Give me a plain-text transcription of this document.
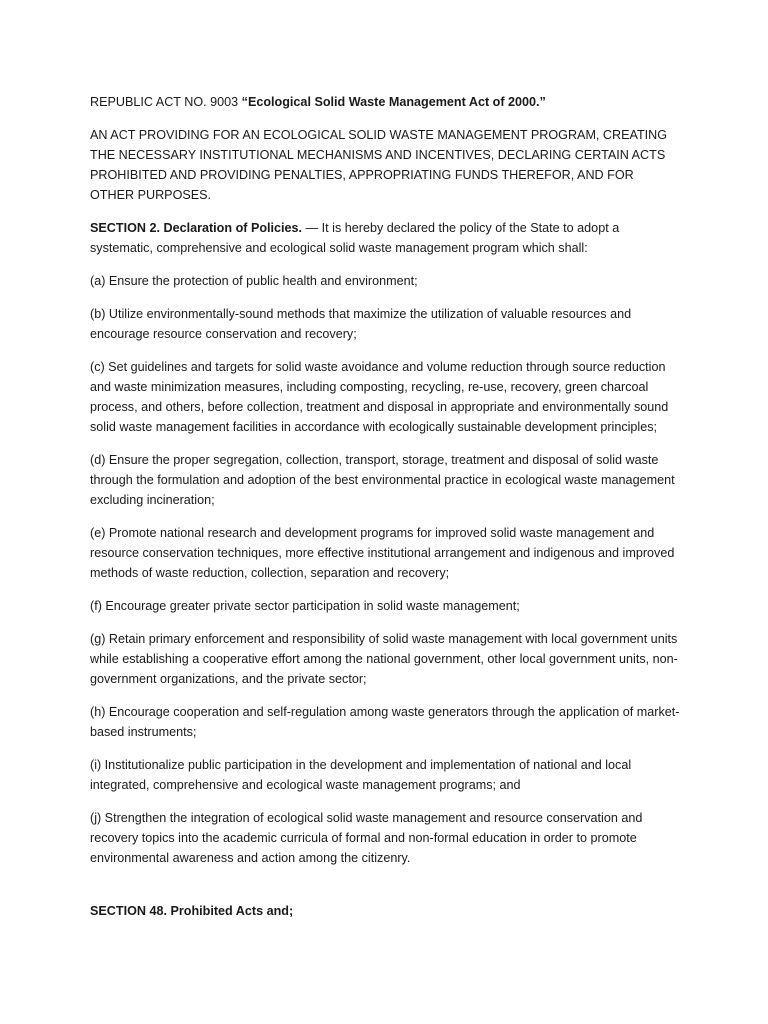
REPUBLIC ACT NO. 9003 “Ecological Solid Waste Management Act of 2000.”

AN ACT PROVIDING FOR AN ECOLOGICAL SOLID WASTE MANAGEMENT PROGRAM, CREATING THE NECESSARY INSTITUTIONAL MECHANISMS AND INCENTIVES, DECLARING CERTAIN ACTS PROHIBITED AND PROVIDING PENALTIES, APPROPRIATING FUNDS THEREFOR, AND FOR OTHER PURPOSES.

SECTION 2. Declaration of Policies. — It is hereby declared the policy of the State to adopt a systematic, comprehensive and ecological solid waste management program which shall:

(a) Ensure the protection of public health and environment;

(b) Utilize environmentally-sound methods that maximize the utilization of valuable resources and encourage resource conservation and recovery;

(c) Set guidelines and targets for solid waste avoidance and volume reduction through source reduction and waste minimization measures, including composting, recycling, re-use, recovery, green charcoal process, and others, before collection, treatment and disposal in appropriate and environmentally sound solid waste management facilities in accordance with ecologically sustainable development principles;

(d) Ensure the proper segregation, collection, transport, storage, treatment and disposal of solid waste through the formulation and adoption of the best environmental practice in ecological waste management excluding incineration;

(e) Promote national research and development programs for improved solid waste management and resource conservation techniques, more effective institutional arrangement and indigenous and improved methods of waste reduction, collection, separation and recovery;

(f) Encourage greater private sector participation in solid waste management;

(g) Retain primary enforcement and responsibility of solid waste management with local government units while establishing a cooperative effort among the national government, other local government units, non-government organizations, and the private sector;

(h) Encourage cooperation and self-regulation among waste generators through the application of market-based instruments;

(i) Institutionalize public participation in the development and implementation of national and local integrated, comprehensive and ecological waste management programs; and

(j) Strengthen the integration of ecological solid waste management and resource conservation and recovery topics into the academic curricula of formal and non-formal education in order to promote environmental awareness and action among the citizenry.

SECTION 48. Prohibited Acts and;
